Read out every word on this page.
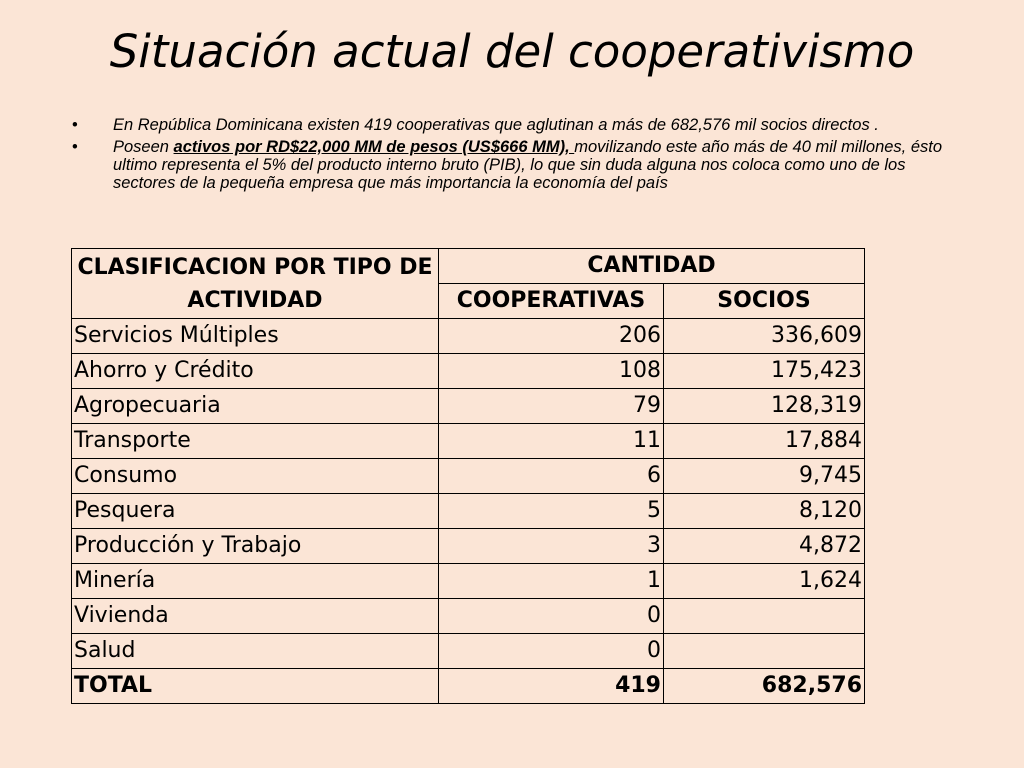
Situación actual del cooperativismo
• En República Dominicana existen 419 cooperativas que aglutinan a más de 682,576 mil socios directos .
• Poseen activos por RD$22,000 MM de pesos (US$666 MM), movilizando este año más de 40 mil millones, ésto ultimo representa el 5% del producto interno bruto (PIB), lo que sin duda alguna nos coloca como uno de los sectores de la pequeña empresa que más importancia la economía del país
CLASIFICACION POR TIPO DE ACTIVIDAD	CANTIDAD	
	COOPERATIVAS	SOCIOS
Servicios Múltiples	206	336,609
Ahorro y Crédito	108	175,423
Agropecuaria	79	128,319
Transporte	11	17,884
Consumo	6	9,745
Pesquera	5	8,120
Producción y Trabajo	3	4,872
Minería	1	1,624
Vivienda	0	
Salud	0	
TOTAL	419	682,576
